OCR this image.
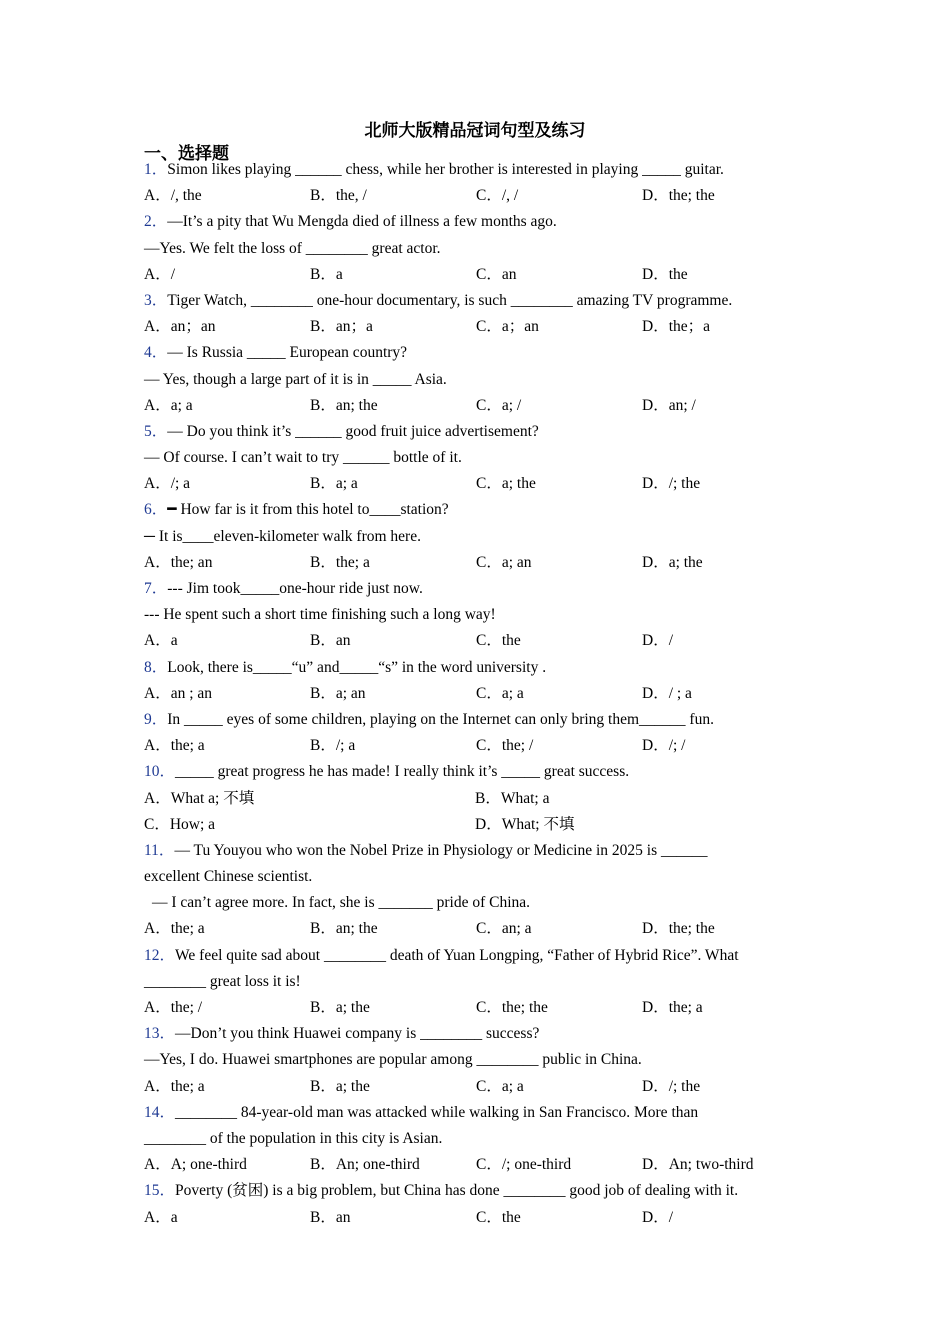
北师大版精品冠词句型及练习
一、选择题
1．Simon likes playing ______ chess, while her brother is interested in playing _____ guitar.
A．/, the	B．the, /	C．/, /	D．the; the
2．—It’s a pity that Wu Mengda died of illness a few months ago.
—Yes. We felt the loss of ________ great actor.
A．/	B．a	C．an	D．the
3．Tiger Watch, ________ one-hour documentary, is such ________ amazing TV programme.
A．an；an	B．an；a	C．a；an	D．the；a
4．— Is Russia _____ European country?
— Yes, though a large part of it is in _____ Asia.
A．a; a	B．an; the	C．a; /	D．an; /
5．— Do you think it’s ______ good fruit juice advertisement?
— Of course. I can’t wait to try ______ bottle of it.
A．/; a	B．a; a	C．a; the	D．/; the
6．━ How far is it from this hotel to____station?
─ It is____eleven-kilometer walk from here.
A．the; an	B．the; a	C．a; an	D．a; the
7．--- Jim took_____one-hour ride just now.
--- He spent such a short time finishing such a long way!
A．a	B．an	C．the	D．/
8．Look, there is_____“u” and_____“s” in the word university .
A．an ; an	B．a; an	C．a; a	D．/ ; a
9．In _____ eyes of some children, playing on the Internet can only bring them______ fun.
A．the; a	B．/; a	C．the; /	D．/; /
10．_____ great progress he has made! I really think it’s _____ great success.
A．What a; 不填	B．What; a
C．How; a	D．What; 不填
11．— Tu Youyou who won the Nobel Prize in Physiology or Medicine in 2025 is ______
excellent Chinese scientist.
— I can’t agree more. In fact, she is _______ pride of China.
A．the; a	B．an; the	C．an; a	D．the; the
12．We feel quite sad about ________ death of Yuan Longping, “Father of Hybrid Rice”. What
________ great loss it is!
A．the; /	B．a; the	C．the; the	D．the; a
13．—Don’t you think Huawei company is ________ success?
—Yes, I do. Huawei smartphones are popular among ________ public in China.
A．the; a	B．a; the	C．a; a	D．/; the
14．________ 84-year-old man was attacked while walking in San Francisco. More than
________ of the population in this city is Asian.
A．A; one-third	B．An; one-third	C．/; one-third	D．An; two-third
15．Poverty (贫困) is a big problem, but China has done ________ good job of dealing with it.
A．a	B．an	C．the	D．/
